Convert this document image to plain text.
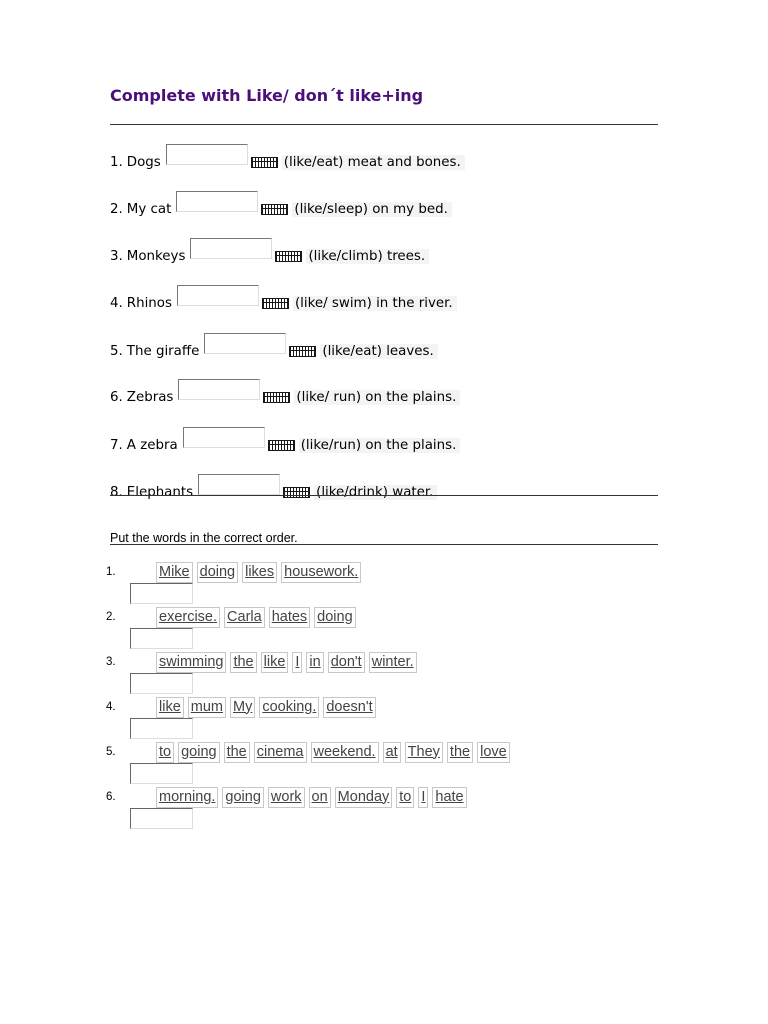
Complete with Like/ don´t like+ing
1. Dogs	(like/eat) meat and bones.
2. My cat	(like/sleep) on my bed.
3. Monkeys	(like/climb) trees.
4. Rhinos	(like/ swim) in the river.
5. The giraffe	(like/eat) leaves.
6. Zebras	(like/ run) on the plains.
7. A zebra	(like/run) on the plains.
8. Elephants	(like/drink) water.
Put the words in the correct order.
1.	Mike doing likes housework.
2.	exercise. Carla hates doing
3.	swimming the like I in don't winter.
4.	like mum My cooking. doesn't
5.	to going the cinema weekend. at They the love
6.	morning. going work on Monday to I hate
